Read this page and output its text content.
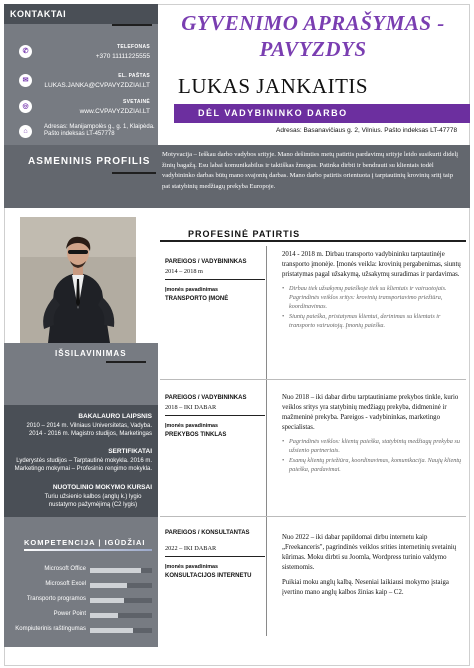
KONTAKTAI
✆
TELEFONAS
+370 11111225555
✉
EL. PAŠTAS
LUKAS.JANKA@CVPAVYZDZIAI.LT
◎
SVETAINĖ
www.CVPAVYZDZIAI.LT
⌂
Adresas: Manijampolės g., g. 1, Klaipėda. Pašto indeksas LT-457778
GYVENIMO APRAŠYMAS - PAVYZDYS
LUKAS JANKAITIS
DĖL VADYBININKO DARBO
Adresas: Basanavičiaus g. 2, Vilnius. Pašto indeksas LT-47778
ASMENINIS PROFILIS
Motyvacija – Ieškau darbo vadybos srityje. Mano dešimties metų patirtis pardavimų srityje leido susikurti didelį žinių bagažą. Esu labai komunikabilus ir taktiškas žmogus. Patinka dirbti ir bendrauti su klientais todėl vadybininko darbas būtų mano svajonių darbas. Mano darbo patirtis orientuota į tarptautinių krovinių sritį taip pat statybinių medžiagų prekyba Europoje.
IŠSILAVINIMAS
BAKALAURO LAIPSNIS
2010 – 2014 m. Vilniaus Universitetas, Vadyba.
2014 - 2016 m. Magistro studijos, Marketingas
SERTIFIKATAI
Lyderystės studijos – Tarptautinė mokykla. 2016 m.
Marketingo mokymai – Profesinio rengimo mokykla.
NUOTOLINIO MOKYMO KURSAI
Turiu užsienio kalbos (anglų k.) lygio nustatymo pažymėjimą (C2 lygis)
KOMPETENCIJA | IGŪDŽIAI
Microsoft Office
Microsoft Excel
Transporto programos
Power Point
Kompiuterinis raštingumas
PROFESINĖ PATIRTIS
PAREIGOS / VADYBININKAS
2014 – 2018 m
Įmonės pavadinimas
TRANSPORTO ĮMONĖ
2014 - 2018 m. Dirbau transporto vadybininku tarptautinėje transporto įmonėje. Įmonės veikla: krovinių pergabenimas, siuntų pristatymas pagal užsakymą, užsakymų suradimas ir pardavimas.
• Dirbau tiek užsakymų paieškoje tiek su klientais ir vairuotojais. Pagrindinės veiklos sritys: krovinių transportavimo priežiūra, koordinavimas.
• Siuntų paieška, pristatymas klientui, derinimas su klientais ir transporto vairuotojų. Įmonių paieška.
PAREIGOS / VADYBININKAS
2018 – IKI DABAR
Įmonės pavadinimas
PREKYBOS TINKLAS
Nuo 2018 – iki dabar dirbu tarptautiniame prekybos tinkle, kurio veiklos sritys yra statybinių medžiagų prekyba, didmeninė ir mažmeninė prekyba. Pareigos - vadybininkas, marketingo specialistas.
• Pagrindinės veiklos: klientų paieška, statybinių medžiagų prekyba su užsienio partneriais.
• Esamų klientų priežiūra, koordinavimas, komunikacija. Naujų klientų paieška, pardavimai.
PAREIGOS / KONSULTANTAS
2022 – IKI DABAR
Įmonės pavadinimas
KONSULTACIJOS INTERNETU
Nuo 2022 – iki dabar papildomai dirbu internetu kaip „Freekanceris", pagrindinės veiklos srities internetinių svetainių kūrimas. Moku dirbti su Joomla, Wordpress turinio valdymo sistemomis.
Puikiai moku anglų kalbą. Neseniai laikiausi mokymo įstaiga įvertino mano anglų kalbos žinias kaip – C2.
